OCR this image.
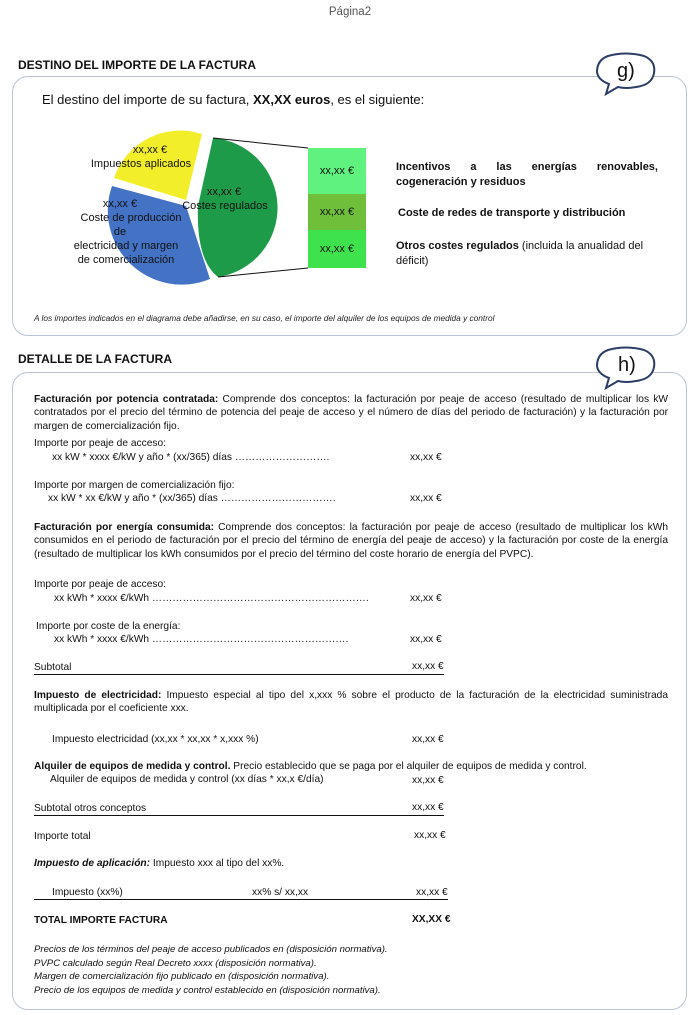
Página2
DESTINO DEL IMPORTE DE LA FACTURA	g)
El destino del importe de su factura, XX,XX euros, es el siguiente:
xx,xx €
Impuestos aplicados
xx,xx €
Coste de producción
de
electricidad y margen
de comercialización
xx,xx €
Costes regulados
xx,xx €
xx,xx €
xx,xx €
Incentivos a las energías renovables, cogeneración y residuos
Coste de redes de transporte y distribución
Otros costes regulados (incluida la anualidad del déficit)
A los importes indicados en el diagrama debe añadirse, en su caso, el importe del alquiler de los equipos de medida y control
DETALLE DE LA FACTURA	h)
Facturación por potencia contratada: Comprende dos conceptos: la facturación por peaje de acceso (resultado de multiplicar los kW contratados por el precio del término de potencia del peaje de acceso y el número de días del periodo de facturación) y la facturación por margen de comercialización fijo.
Importe por peaje de acceso:
xx kW * xxxx €/kW y año * (xx/365) días ……………………….	xx,xx €
Importe por margen de comercialización fijo:
xx kW * xx €/kW y año * (xx/365) días …………………………….	xx,xx €
Facturación por energía consumida: Comprende dos conceptos: la facturación por peaje de acceso (resultado de multiplicar los kWh consumidos en el periodo de facturación por el precio del término de energía del peaje de acceso) y la facturación por coste de la energía (resultado de multiplicar los kWh consumidos por el precio del término del coste horario de energía del PVPC).
Importe por peaje de acceso:
xx kWh * xxxx €/kWh ……………………………………………………….	xx,xx €
Importe por coste de la energía:
xx kWh * xxxx €/kWh ………………………………………………….	xx,xx €
Subtotal	xx,xx €
Impuesto de electricidad: Impuesto especial al tipo del x,xxx % sobre el producto de la facturación de la electricidad suministrada multiplicada por el coeficiente xxx.
Impuesto electricidad (xx,xx * xx,xx * x,xxx %)	xx,xx €
Alquiler de equipos de medida y control. Precio establecido que se paga por el alquiler de equipos de medida y control.
Alquiler de equipos de medida y control (xx días * xx,x €/día)	xx,xx €
Subtotal otros conceptos	xx,xx €
Importe total	xx,xx €
Impuesto de aplicación: Impuesto xxx al tipo del xx%.
Impuesto (xx%)	xx% s/ xx,xx	xx,xx €
TOTAL IMPORTE FACTURA	XX,XX €
Precios de los términos del peaje de acceso publicados en (disposición normativa).
PVPC calculado según Real Decreto xxxx (disposición normativa).
Margen de comercialización fijo publicado en (disposición normativa).
Precio de los equipos de medida y control establecido en (disposición normativa).
